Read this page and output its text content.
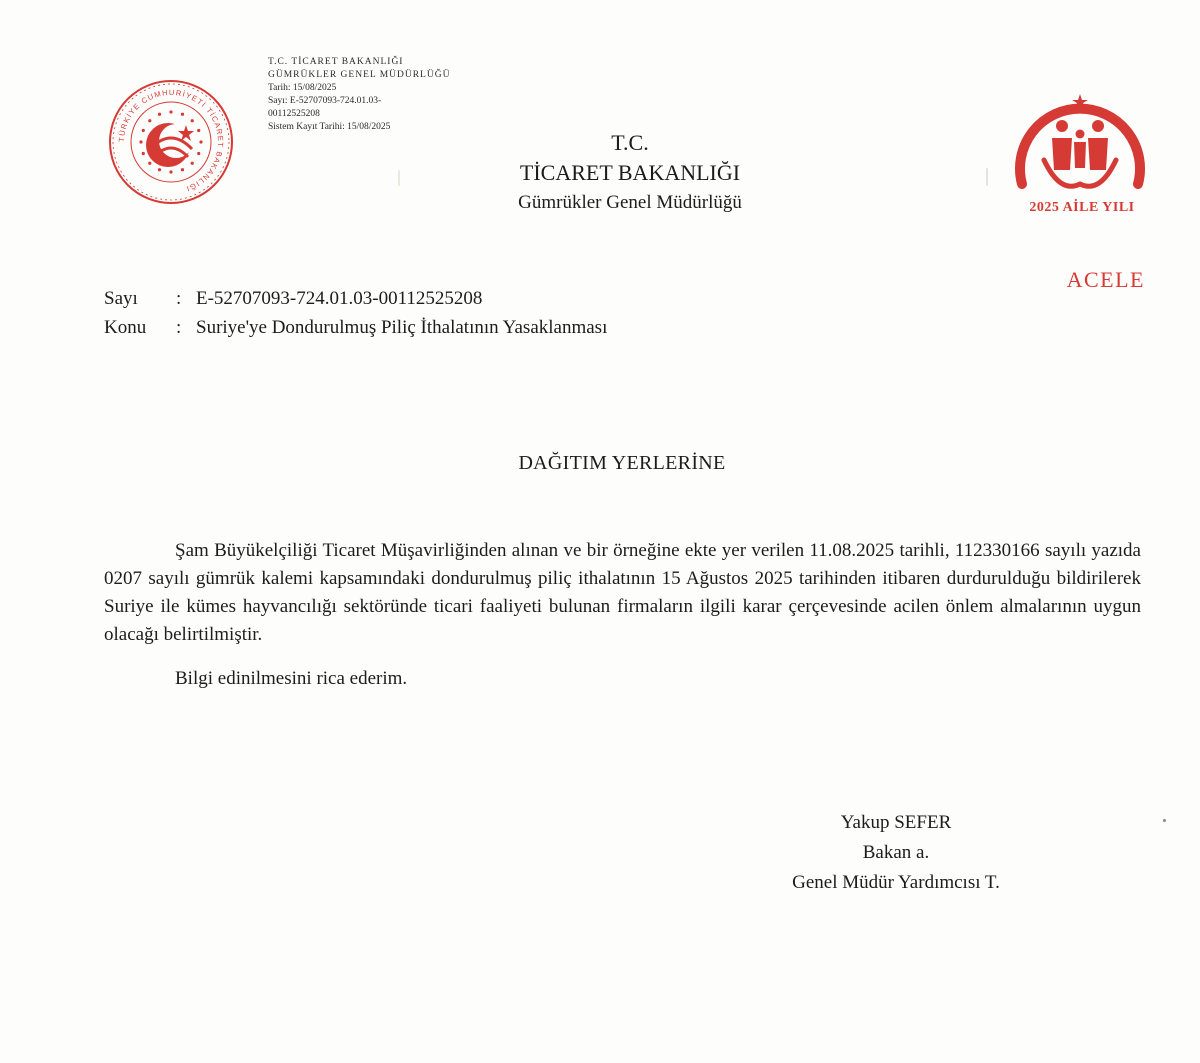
TÜRKİYE CUMHURİYETİ TİCARET BAKANLIĞI
T.C. TİCARET BAKANLIĞI
GÜMRÜKLER GENEL MÜDÜRLÜĞÜ
Tarih: 15/08/2025
Sayı: E-52707093-724.01.03-
00112525208
Sistem Kayıt Tarihi: 15/08/2025
T.C.
TİCARET BAKANLIĞI
Gümrükler Genel Müdürlüğü	2025 AİLE YILI
ACELE
Sayı	: E-52707093-724.01.03-00112525208
Konu	: Suriye'ye Dondurulmuş Piliç İthalatının Yasaklanması
DAĞITIM YERLERİNE

Şam Büyükelçiliği Ticaret Müşavirliğinden alınan ve bir örneğine ekte yer verilen 11.08.2025 tarihli, 112330166 sayılı yazıda 0207 sayılı gümrük kalemi kapsamındaki dondurulmuş piliç ithalatının 15 Ağustos 2025 tarihinden itibaren durdurulduğu bildirilerek Suriye ile kümes hayvancılığı sektöründe ticari faaliyeti bulunan firmaların ilgili karar çerçevesinde acilen önlem almalarının uygun olacağı belirtilmiştir.

Bilgi edinilmesini rica ederim.

Yakup SEFER
Bakan a.
Genel Müdür Yardımcısı T.
